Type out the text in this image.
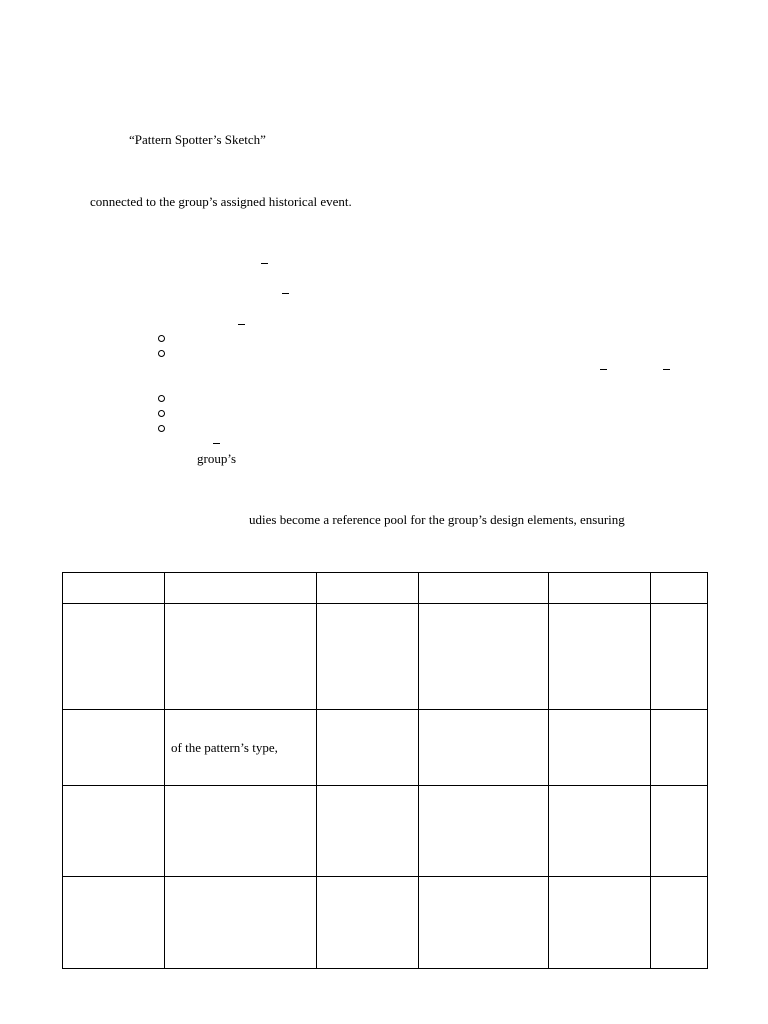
“Pattern Spotter’s Sketch”
connected to the group’s assigned historical event.
group’s
udies become a reference pool for the group’s design elements, ensuring

	of the pattern’s type,				
